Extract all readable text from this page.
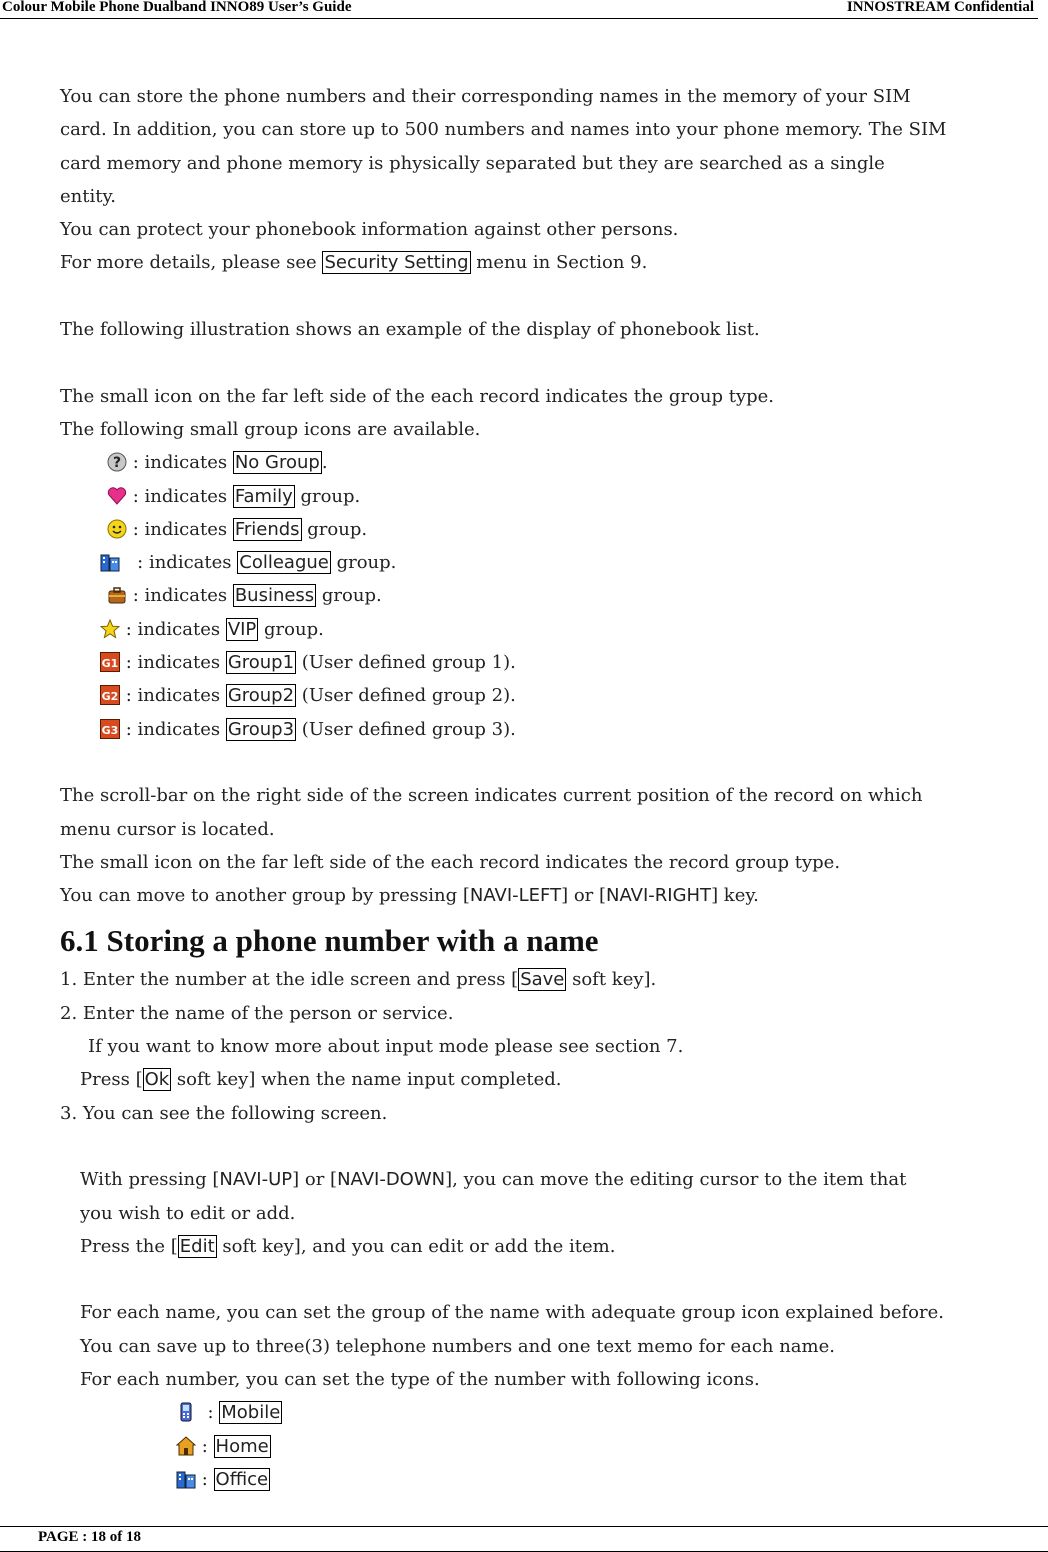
Colour Mobile Phone Dualband INNO89 User’s Guide	INNOSTREAM Confidential

You can store the phone numbers and their corresponding names in the memory of your SIM

card. In addition, you can store up to 500 numbers and names into your phone memory. The SIM

card memory and phone memory is physically separated but they are searched as a single

entity.

You can protect your phonebook information against other persons.

For more details, please see Security Setting menu in Section 9.

The following illustration shows an example of the display of phonebook list.

The small icon on the far left side of the each record indicates the group type.

The following small group icons are available.

? : indicates No Group .
: indicates Family group.
: indicates Friends group.
: indicates Colleague group.
: indicates Business group.
: indicates VIP group.
G1 : indicates Group1 (User defined group 1).
G2 : indicates Group2 (User defined group 2).
G3 : indicates Group3 (User defined group 3).

The scroll-bar on the right side of the screen indicates current position of the record on which

menu cursor is located.

The small icon on the far left side of the each record indicates the record group type.

You can move to another group by pressing [NAVI-LEFT] or [NAVI-RIGHT] key.

6.1 Storing a phone number with a name

1. Enter the number at the idle screen and press [ Save soft key].

2. Enter the name of the person or service.

If you want to know more about input mode please see section 7.

Press [ Ok soft key] when the name input completed.

3. You can see the following screen.

With pressing [NAVI-UP] or [NAVI-DOWN], you can move the editing cursor to the item that

you wish to edit or add.

Press the [ Edit soft key], and you can edit or add the item.

For each name, you can set the group of the name with adequate group icon explained before.

You can save up to three(3) telephone numbers and one text memo for each name.

For each number, you can set the type of the number with following icons.

: Mobile
: Home
: Office
PAGE : 18 of 18
